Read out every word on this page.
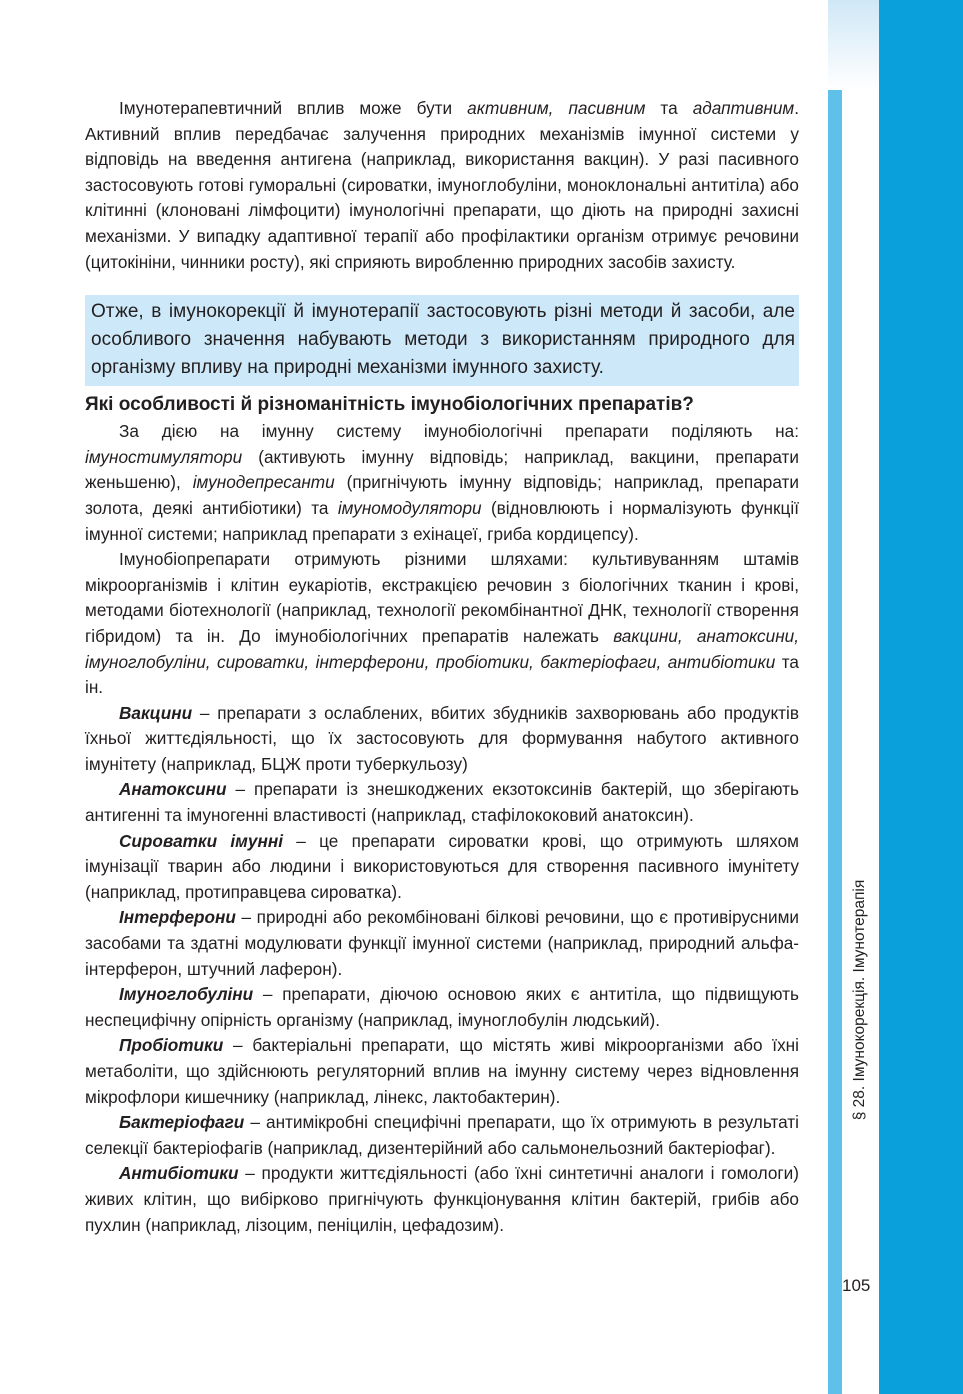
§ 28. Імунокорекція. Імунотерапія
105

Імунотерапевтичний вплив може бути активним, пасивним та адаптивним. Активний вплив передбачає залучення природних механізмів імунної системи у відповідь на введення антигена (наприклад, використання вакцин). У разі пасивного застосовують готові гуморальні (сироватки, імуноглобуліни, моноклональні антитіла) або клітинні (клоновані лімфоцити) імунологічні препарати, що діють на природні захисні механізми. У випадку адаптивної терапії або профілактики організм отримує речовини (цитокініни, чинники росту), які сприяють виробленню природних засобів захисту.

Отже, в імунокорекції й імунотерапії застосовують різні методи й засоби, але особливого значення набувають методи з використанням природного для організму впливу на природні механізми імунного захисту.
Які особливості й різноманітність імунобіологічних препаратів?

За дією на імунну систему імунобіологічні препарати поділяють на: імуностимулятори (активують імунну відповідь; наприклад, вакцини, препарати женьшеню), імунодепресанти (пригнічують імунну відповідь; наприклад, препарати золота, деякі антибіотики) та імуномодулятори (відновлюють і нормалізують функції імунної системи; наприклад препарати з ехінацеї, гриба кордицепсу).

Імунобіопрепарати отримують різними шляхами: культивуванням штамів мікроорганізмів і клітин еукаріотів, екстракцією речовин з біологічних тканин і крові, методами біотехнології (наприклад, технології рекомбінантної ДНК, технології створення гібридом) та ін. До імунобіологічних препаратів належать вакцини, анатоксини, імуноглобуліни, сироватки, інтерферони, пробіотики, бактеріофаги, антибіотики та ін.

Вакцини – препарати з ослаблених, вбитих збудників захворювань або продуктів їхньої життєдіяльності, що їх застосовують для формування набутого активного імунітету (наприклад, БЦЖ проти туберкульозу)

Анатоксини – препарати із знешкоджених екзотоксинів бактерій, що зберігають антигенні та імуногенні властивості (наприклад, стафілококовий анатоксин).

Сироватки імунні – це препарати сироватки крові, що отримують шляхом імунізації тварин або людини і використовуються для створення пасивного імунітету (наприклад, протиправцева сироватка).

Інтерферони – природні або рекомбіновані білкові речовини, що є противірусними засобами та здатні модулювати функції імунної системи (наприклад, природний альфа-інтерферон, штучний лаферон).

Імуноглобуліни – препарати, діючою основою яких є антитіла, що підвищують неспецифічну опірність організму (наприклад, імуноглобулін людський).

Пробіотики – бактеріальні препарати, що містять живі мікроорганізми або їхні метаболіти, що здійснюють регуляторний вплив на імунну систему через відновлення мікрофлори кишечнику (наприклад, лінекс, лактобактерин).

Бактеріофаги – антимікробні специфічні препарати, що їх отримують в результаті селекції бактеріофагів (наприклад, дизентерійний або сальмонельозний бактеріофаг).

Антибіотики – продукти життєдіяльності (або їхні синтетичні аналоги і гомологи) живих клітин, що вибірково пригнічують функціонування клітин бактерій, грибів або пухлин (наприклад, лізоцим, пеніцилін, цефадозим).
